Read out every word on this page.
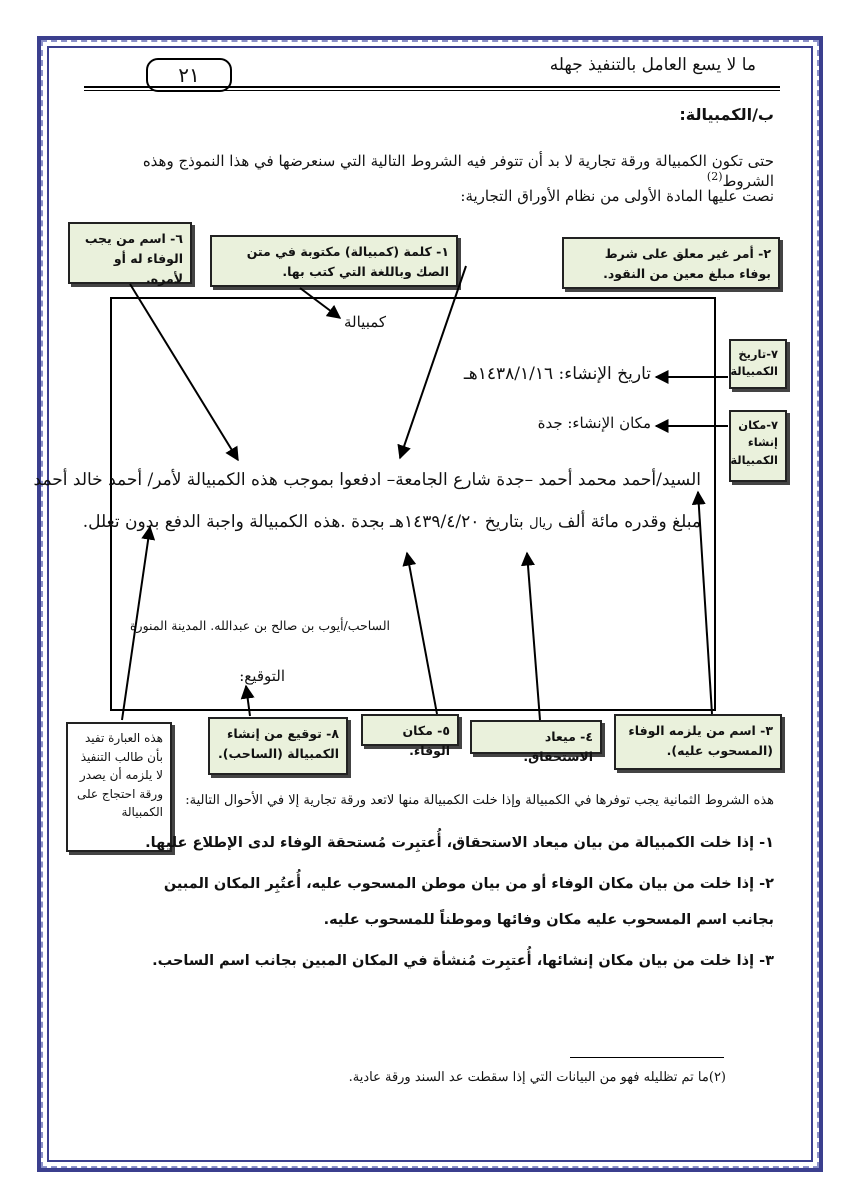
ما لا يسع العامل بالتنفيذ جهله
٢١
ب/الكمبيالة:
حتى تكون الكمبيالة ورقة تجارية لا بد أن تتوفر فيه الشروط التالية التي سنعرضها في هذا النموذج وهذه الشروط$^{(2)}$
نصت عليها المادة الأولى من نظام الأوراق التجارية:
٦- اسم من يجب الوفاء له أو لأمره.
١- كلمة (كمبيالة) مكتوبة في متن الصك وباللغة التي كتب بها.
٢- أمر غير معلق على شرط بوفاء مبلغ معين من النقود.
٧-تاريخ الكمبيالة
٧-مكان إنشاء الكمبيالة
كمبيالة
تاريخ الإنشاء: ١٤٣٨/١/١٦هـ
مكان الإنشاء: جدة
السيد/أحمد محمد أحمد –جدة شارع الجامعة– ادفعوا بموجب هذه الكمبيالة لأمر/ أحمد خالد أحمد
مبلغ وقدره مائة ألف ريال بتاريخ ١٤٣٩/٤/٢٠هـ بجدة .هذه الكمبيالة واجبة الدفع بدون تعلل.
الساحب/أيوب بن صالح بن عبدالله. المدينة المنورة
التوقيع:
هذه العبارة تفيد بأن طالب التنفيذ لا يلزمه أن يصدر ورقة احتجاج على الكمبيالة
٨- توقيع من إنشاء الكمبيالة (الساحب).
٥- مكان الوفاء.
٤- ميعاد الاستحقاق.
٣- اسم من يلزمه الوفاء (المسحوب عليه).
هذه الشروط الثمانية يجب توفرها في الكمبيالة وإذا خلت الكمبيالة منها لاتعد ورقة تجارية إلا في الأحوال التالية:
١- إذا خلت الكمبيالة من بيان ميعاد الاستحقاق، أُعتبِرت مُستحقة الوفاء لدى الإطلاع عليها.
٢- إذا خلت من بيان مكان الوفاء أو من بيان موطن المسحوب عليه، أُعتُبِر المكان المبين
بجانب اسم المسحوب عليه مكان وفائها وموطناً للمسحوب عليه.
٣- إذا خلت من بيان مكان إنشائها، أُعتبِرت مُنشأة في المكان المبين بجانب اسم الساحب.
(٢)ما تم تظليله فهو من البيانات التي إذا سقطت عد السند ورقة عادية.
